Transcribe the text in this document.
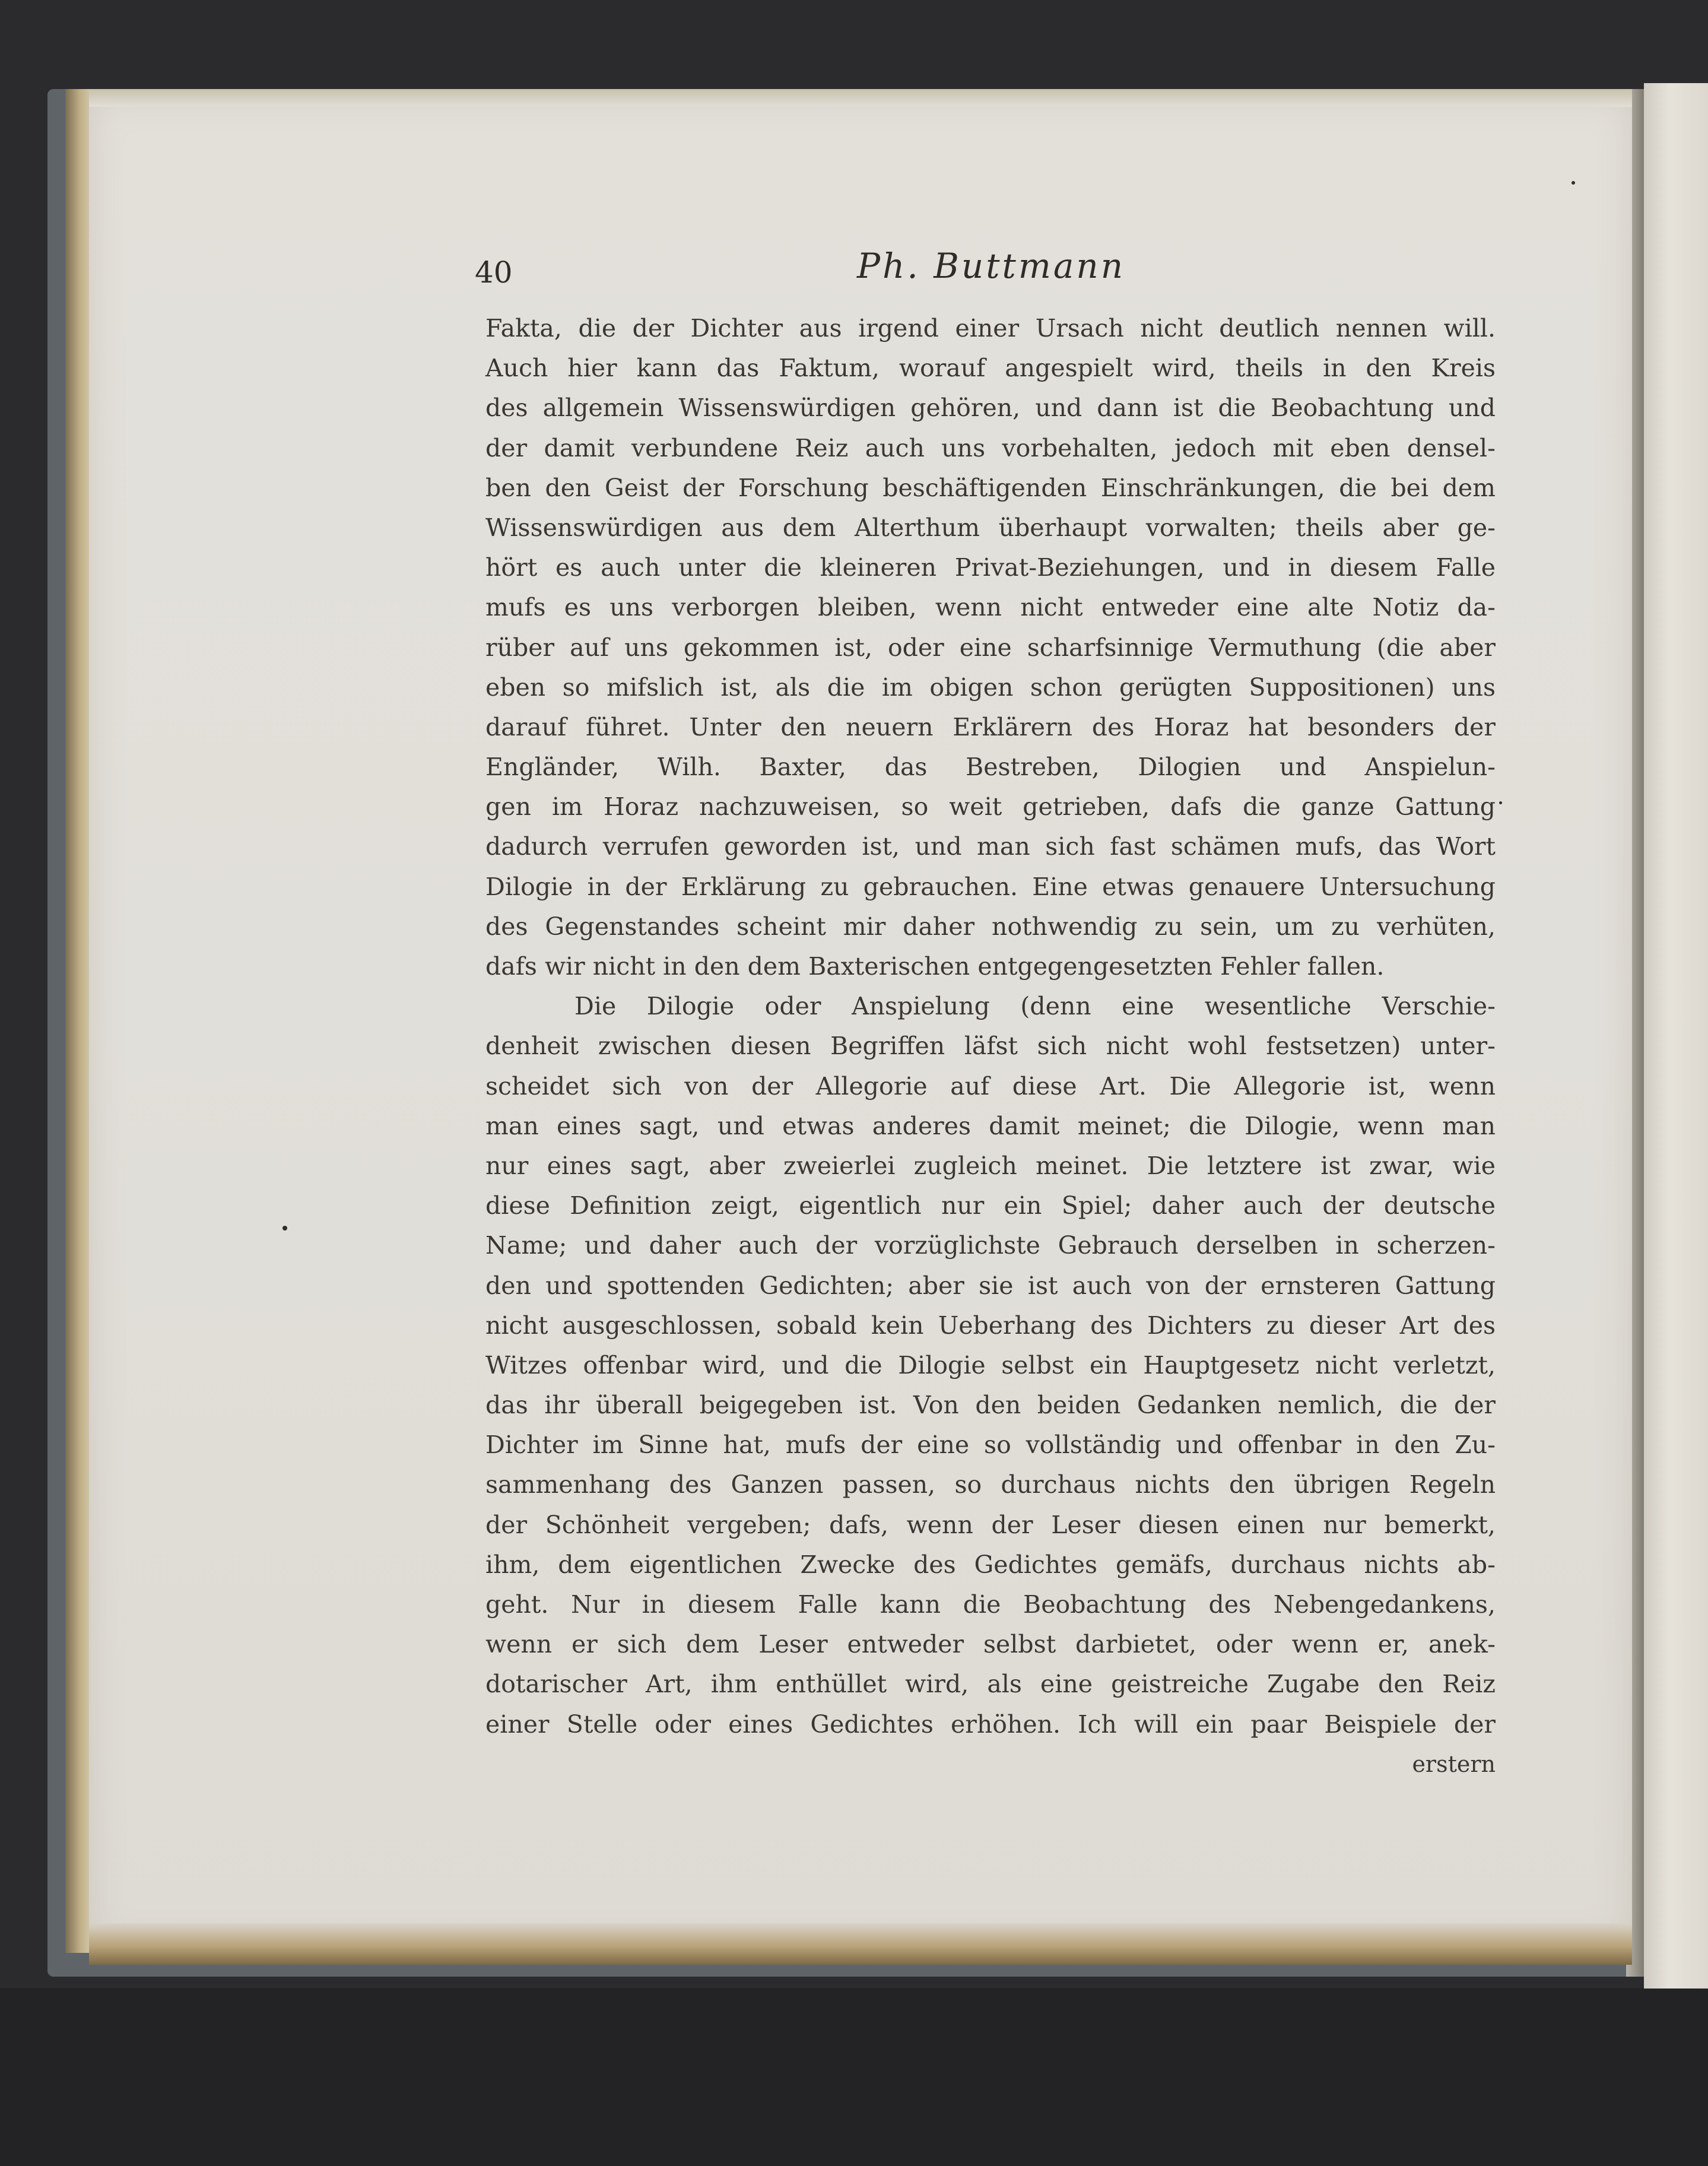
40	Ph. Buttmann
Fakta, die der Dichter aus irgend einer Ursach nicht deutlich nennen will.
Auch hier kann das Faktum, worauf angespielt wird, theils in den Kreis
des allgemein Wissenswürdigen gehören, und dann ist die Beobachtung und
der damit verbundene Reiz auch uns vorbehalten, jedoch mit eben densel-
ben den Geist der Forschung beschäftigenden Einschränkungen, die bei dem
Wissenswürdigen aus dem Alterthum überhaupt vorwalten; theils aber ge-
hört es auch unter die kleineren Privat-Beziehungen, und in diesem Falle
mufs es uns verborgen bleiben, wenn nicht entweder eine alte Notiz da-
rüber auf uns gekommen ist, oder eine scharfsinnige Vermuthung (die aber
eben so mifslich ist, als die im obigen schon gerügten Suppositionen) uns
darauf führet. Unter den neuern Erklärern des Horaz hat besonders der
Engländer, Wilh. Baxter, das Bestreben, Dilogien und Anspielun-
gen im Horaz nachzuweisen, so weit getrieben, dafs die ganze Gattung
dadurch verrufen geworden ist, und man sich fast schämen mufs, das Wort
Dilogie in der Erklärung zu gebrauchen. Eine etwas genauere Untersuchung
des Gegenstandes scheint mir daher nothwendig zu sein, um zu verhüten,
dafs wir nicht in den dem Baxterischen entgegengesetzten Fehler fallen.
Die Dilogie oder Anspielung (denn eine wesentliche Verschie-
denheit zwischen diesen Begriffen läfst sich nicht wohl festsetzen) unter-
scheidet sich von der Allegorie auf diese Art. Die Allegorie ist, wenn
man eines sagt, und etwas anderes damit meinet; die Dilogie, wenn man
nur eines sagt, aber zweierlei zugleich meinet. Die letztere ist zwar, wie
diese Definition zeigt, eigentlich nur ein Spiel; daher auch der deutsche
Name; und daher auch der vorzüglichste Gebrauch derselben in scherzen-
den und spottenden Gedichten; aber sie ist auch von der ernsteren Gattung
nicht ausgeschlossen, sobald kein Ueberhang des Dichters zu dieser Art des
Witzes offenbar wird, und die Dilogie selbst ein Hauptgesetz nicht verletzt,
das ihr überall beigegeben ist. Von den beiden Gedanken nemlich, die der
Dichter im Sinne hat, mufs der eine so vollständig und offenbar in den Zu-
sammenhang des Ganzen passen, so durchaus nichts den übrigen Regeln
der Schönheit vergeben; dafs, wenn der Leser diesen einen nur bemerkt,
ihm, dem eigentlichen Zwecke des Gedichtes gemäfs, durchaus nichts ab-
geht. Nur in diesem Falle kann die Beobachtung des Nebengedankens,
wenn er sich dem Leser entweder selbst darbietet, oder wenn er, anek-
dotarischer Art, ihm enthüllet wird, als eine geistreiche Zugabe den Reiz
einer Stelle oder eines Gedichtes erhöhen. Ich will ein paar Beispiele der
erstern
